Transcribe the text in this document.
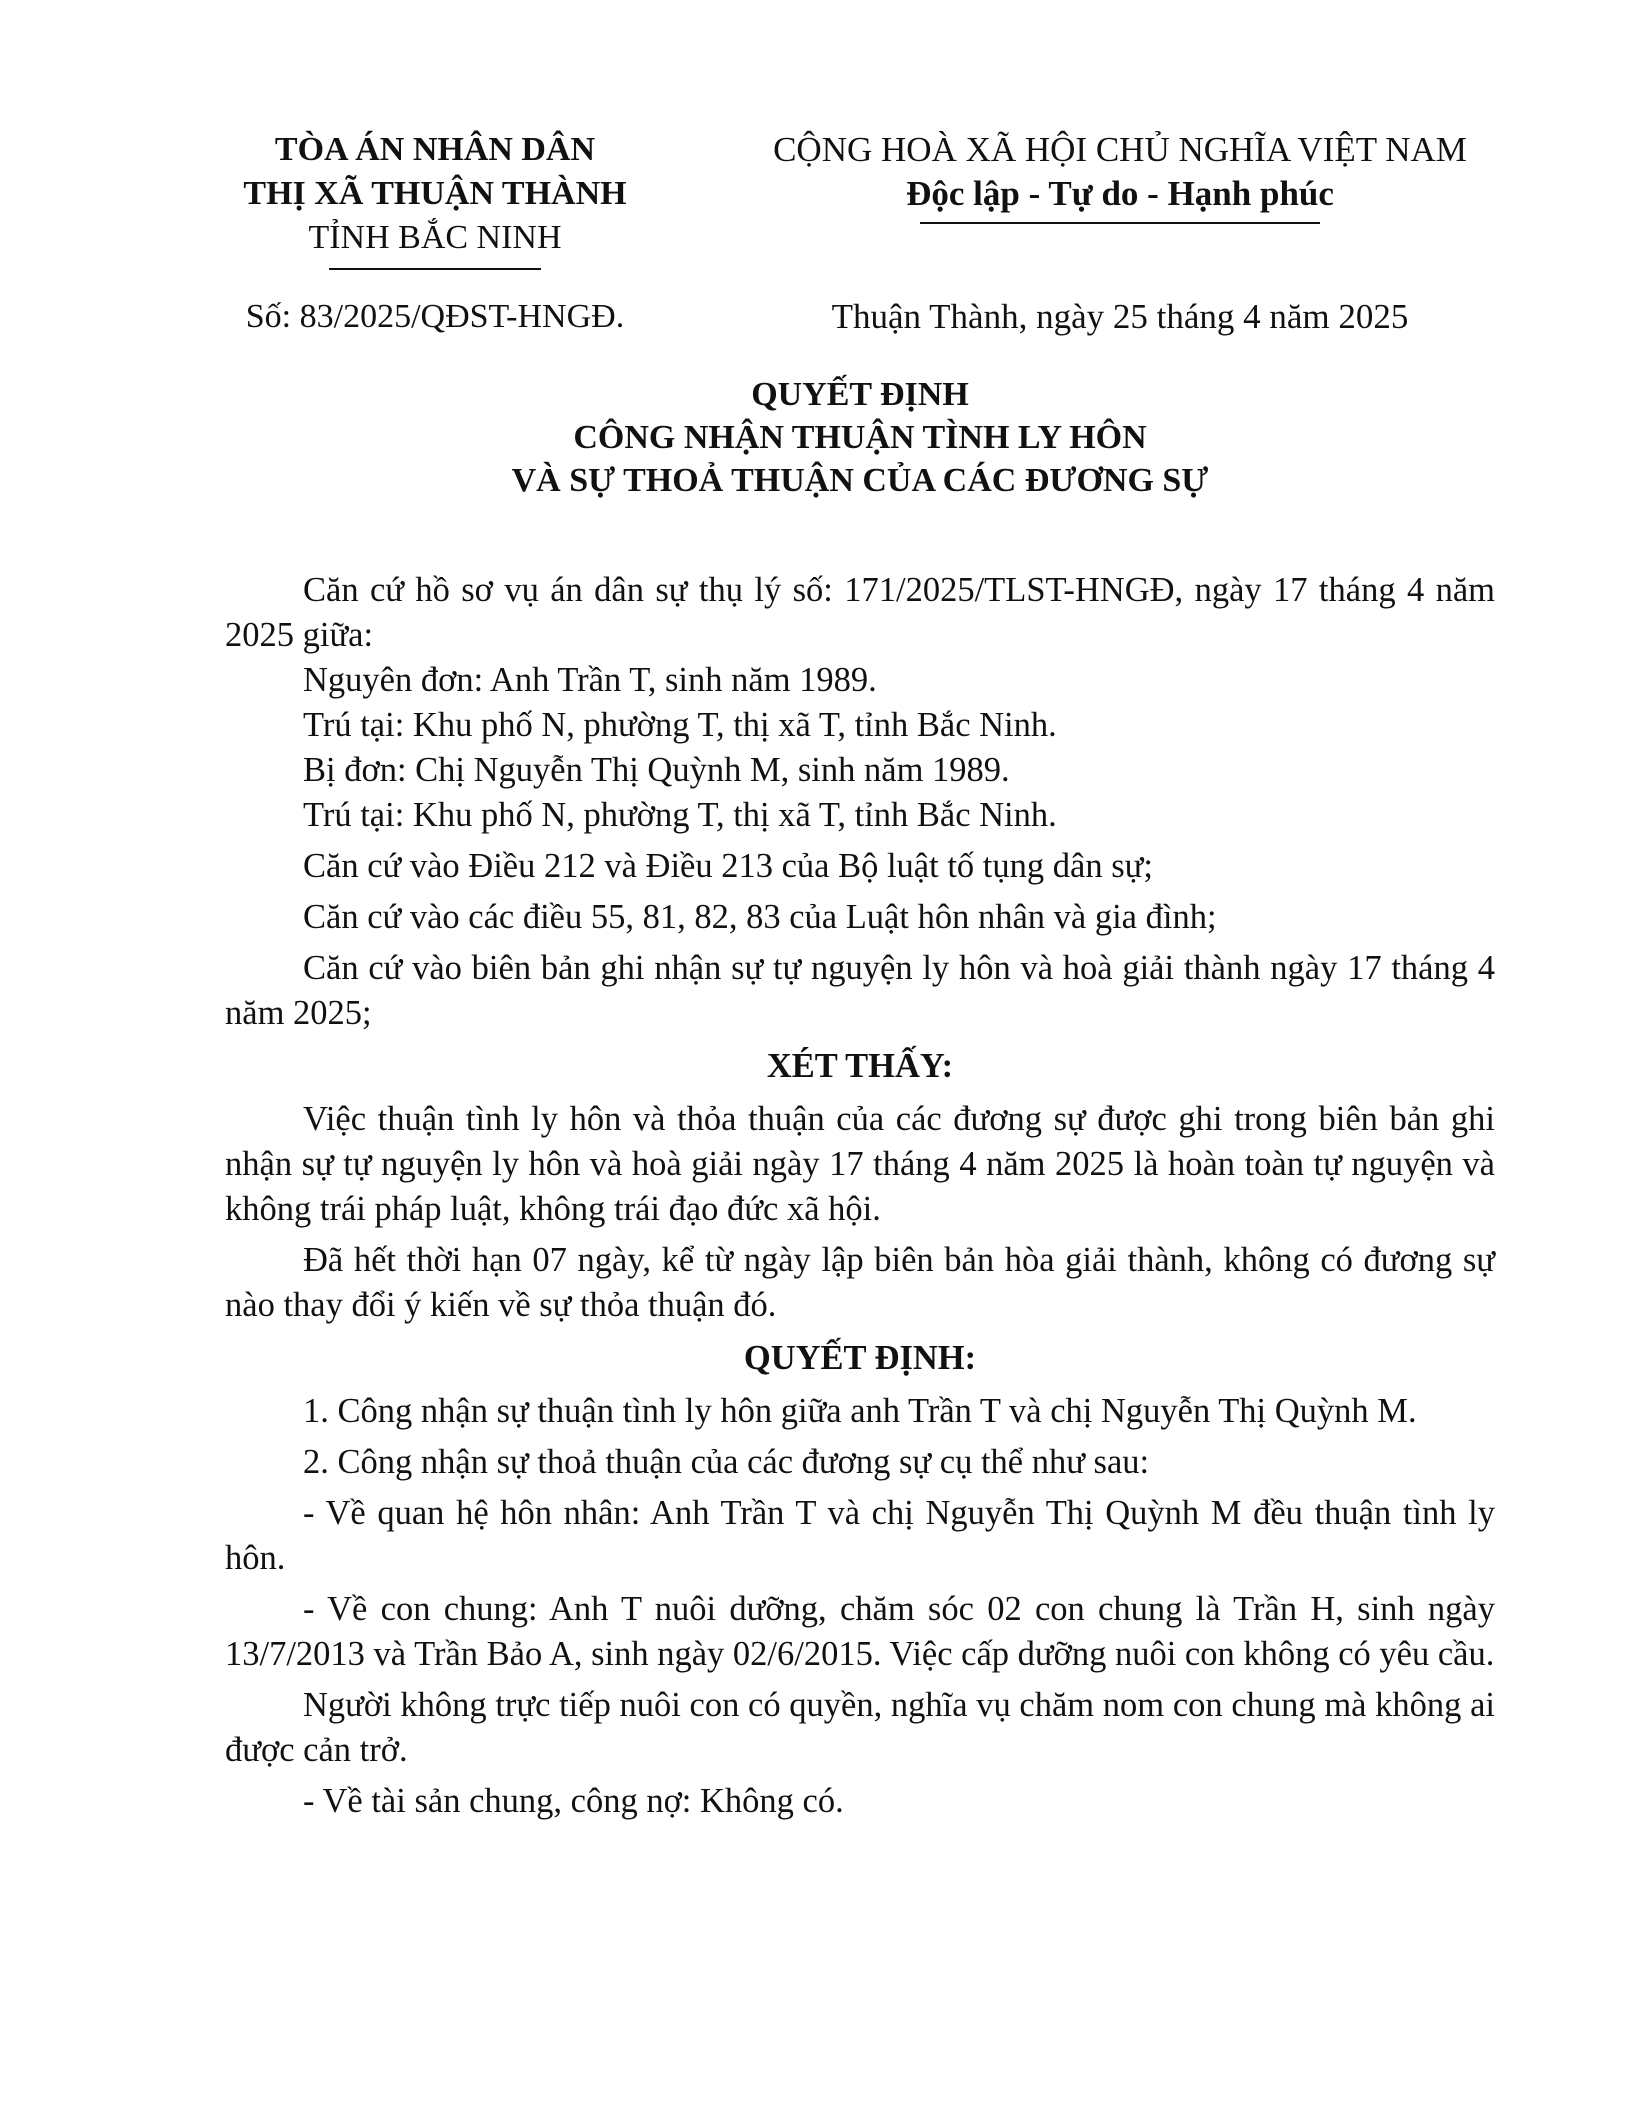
TÒA ÁN NHÂN DÂN
THỊ XÃ THUẬN THÀNH
TỈNH BẮC NINH
CỘNG HOÀ XÃ HỘI CHỦ NGHĨA VIỆT NAM
Độc lập - Tự do - Hạnh phúc
Số: 83/2025/QĐST-HNGĐ.	Thuận Thành, ngày 25 tháng 4 năm 2025
QUYẾT ĐỊNH
CÔNG NHẬN THUẬN TÌNH LY HÔN
VÀ SỰ THOẢ THUẬN CỦA CÁC ĐƯƠNG SỰ

Căn cứ hồ sơ vụ án dân sự thụ lý số: 171/2025/TLST-HNGĐ, ngày 17 tháng 4 năm 2025 giữa:

Nguyên đơn: Anh Trần T, sinh năm 1989.

Trú tại: Khu phố N, phường T, thị xã T, tỉnh Bắc Ninh.

Bị đơn: Chị Nguyễn Thị Quỳnh M, sinh năm 1989.

Trú tại: Khu phố N, phường T, thị xã T, tỉnh Bắc Ninh.

Căn cứ vào Điều 212 và Điều 213 của Bộ luật tố tụng dân sự;

Căn cứ vào các điều 55, 81, 82, 83 của Luật hôn nhân và gia đình;

Căn cứ vào biên bản ghi nhận sự tự nguyện ly hôn và hoà giải thành ngày 17 tháng 4 năm 2025;

XÉT THẤY:

Việc thuận tình ly hôn và thỏa thuận của các đương sự được ghi trong biên bản ghi nhận sự tự nguyện ly hôn và hoà giải ngày 17 tháng 4 năm 2025 là hoàn toàn tự nguyện và không trái pháp luật, không trái đạo đức xã hội.

Đã hết thời hạn 07 ngày, kể từ ngày lập biên bản hòa giải thành, không có đương sự nào thay đổi ý kiến về sự thỏa thuận đó.

QUYẾT ĐỊNH:

1. Công nhận sự thuận tình ly hôn giữa anh Trần T và chị Nguyễn Thị Quỳnh M.

2. Công nhận sự thoả thuận của các đương sự cụ thể như sau:

- Về quan hệ hôn nhân: Anh Trần T và chị Nguyễn Thị Quỳnh M đều thuận tình ly hôn.

- Về con chung: Anh T nuôi dưỡng, chăm sóc 02 con chung là Trần H, sinh ngày 13/7/2013 và Trần Bảo A, sinh ngày 02/6/2015. Việc cấp dưỡng nuôi con không có yêu cầu.

Người không trực tiếp nuôi con có quyền, nghĩa vụ chăm nom con chung mà không ai được cản trở.

- Về tài sản chung, công nợ: Không có.
